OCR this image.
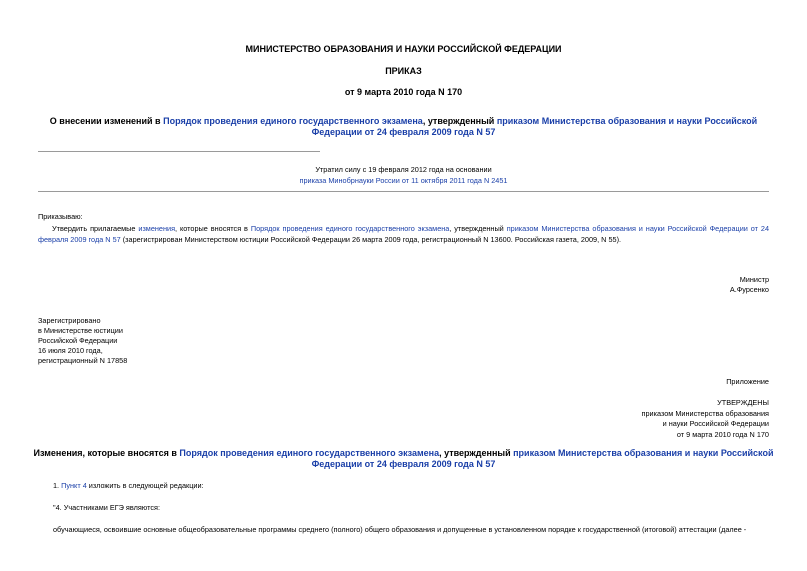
МИНИСТЕРСТВО ОБРАЗОВАНИЯ И НАУКИ РОССИЙСКОЙ ФЕДЕРАЦИИ
ПРИКАЗ
от 9 марта 2010 года N 170
О внесении изменений в Порядок проведения единого государственного экзамена, утвержденный приказом Министерства образования и науки Российской
Федерации от 24 февраля 2009 года N 57
Утратил силу с 19 февраля 2012 года на основании
приказа Минобрнауки России от 11 октября 2011 года N 2451
Приказываю:
Утвердить прилагаемые изменения, которые вносятся в Порядок проведения единого государственного экзамена, утвержденный приказом Министерства образования и науки Российской Федерации от 24
февраля 2009 года N 57 (зарегистрирован Министерством юстиции Российской Федерации 26 марта 2009 года, регистрационный N 13600. Российская газета, 2009, N 55).
Министр
А.Фурсенко
Зарегистрировано
в Министерстве юстиции
Российской Федерации
16 июля 2010 года,
регистрационный N 17858
Приложение
УТВЕРЖДЕНЫ
приказом Министерства образования
и науки Российской Федерации
от 9 марта 2010 года N 170
Изменения, которые вносятся в Порядок проведения единого государственного экзамена, утвержденный приказом Министерства образования и науки Российской
Федерации от 24 февраля 2009 года N 57
1. Пункт 4 изложить в следующей редакции:
"4. Участниками ЕГЭ являются:
обучающиеся, освоившие основные общеобразовательные программы среднего (полного) общего образования и допущенные в установленном порядке к государственной (итоговой) аттестации (далее -
